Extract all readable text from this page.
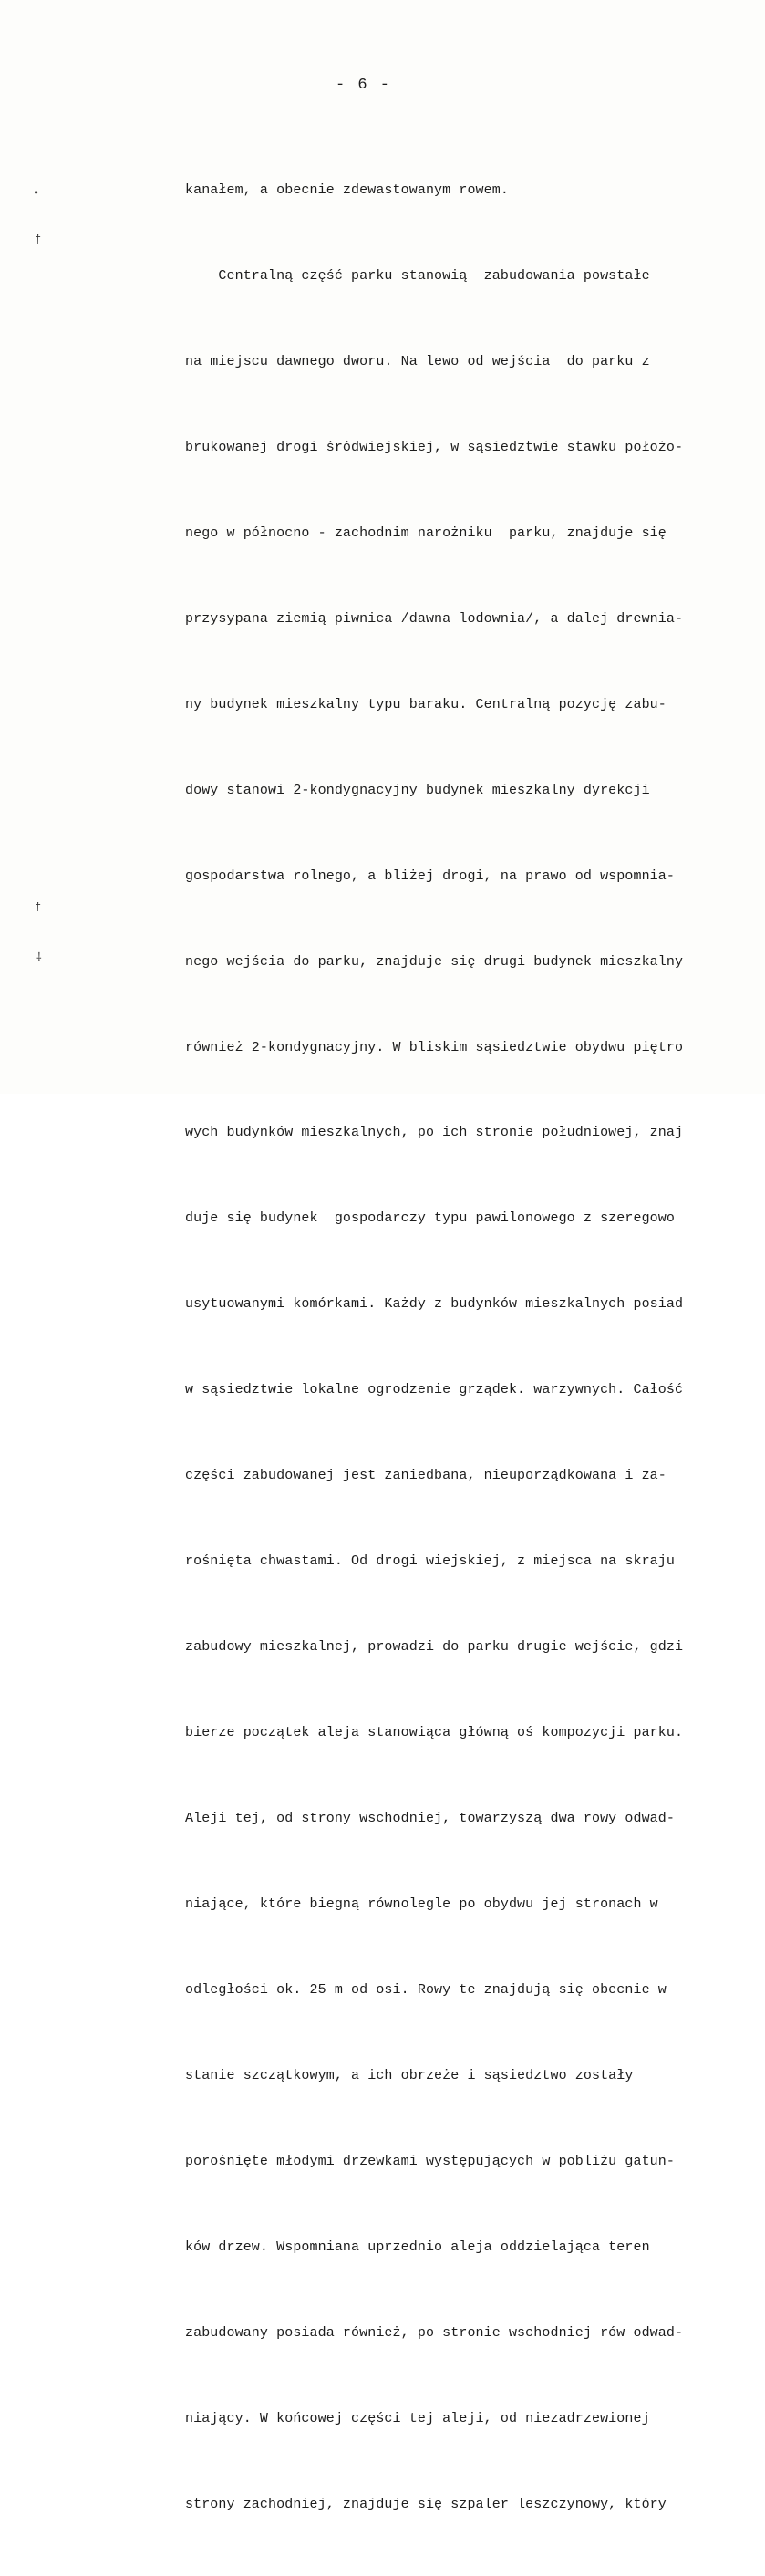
- 6 -

kanałem, a obecnie zdewastowanym rowem.

Centralną część parku stanowią  zabudowania powstałe

na miejscu dawnego dworu. Na lewo od wejścia  do parku z

brukowanej drogi śródwiejskiej, w sąsiedztwie stawku położo-

nego w północno - zachodnim narożniku  parku, znajduje się

przysypana ziemią piwnica /dawna lodownia/, a dalej drewnia-

ny budynek mieszkalny typu baraku. Centralną pozycję zabu-

dowy stanowi 2-kondygnacyjny budynek mieszkalny dyrekcji

gospodarstwa rolnego, a bliżej drogi, na prawo od wspomnia-

nego wejścia do parku, znajduje się drugi budynek mieszkalny

również 2-kondygnacyjny. W bliskim sąsiedztwie obydwu piętro

wych budynków mieszkalnych, po ich stronie południowej, znaj

duje się budynek  gospodarczy typu pawilonowego z szeregowo

usytuowanymi komórkami. Każdy z budynków mieszkalnych posiad

w sąsiedztwie lokalne ogrodzenie grządek. warzywnych. Całość

części zabudowanej jest zaniedbana, nieuporządkowana i za-

rośnięta chwastami. Od drogi wiejskiej, z miejsca na skraju

zabudowy mieszkalnej, prowadzi do parku drugie wejście, gdzi

bierze początek aleja stanowiąca główną oś kompozycji parku.

Alejі tej, od strony wschodniej, towarzyszą dwa rowy odwad-

niające, które biegną równolegle po obydwu jej stronach w

odległości ok. 25 m od osi. Rowy te znajdują się obecnie w

stanie szczątkowym, a ich obrzeże i sąsiedztwo zostały

porośnięte młodymi drzewkami występujących w pobliżu gatun-

ków drzew. Wspomniana uprzednio aleja oddzielająca teren

zabudowany posiada również, po stronie wschodniej rów odwad-

niający. W końcowej części tej alejі, od niezadrzewionej

strony zachodniej, znajduje się szpaler leszczynowy, który

•
†
†
⸸
